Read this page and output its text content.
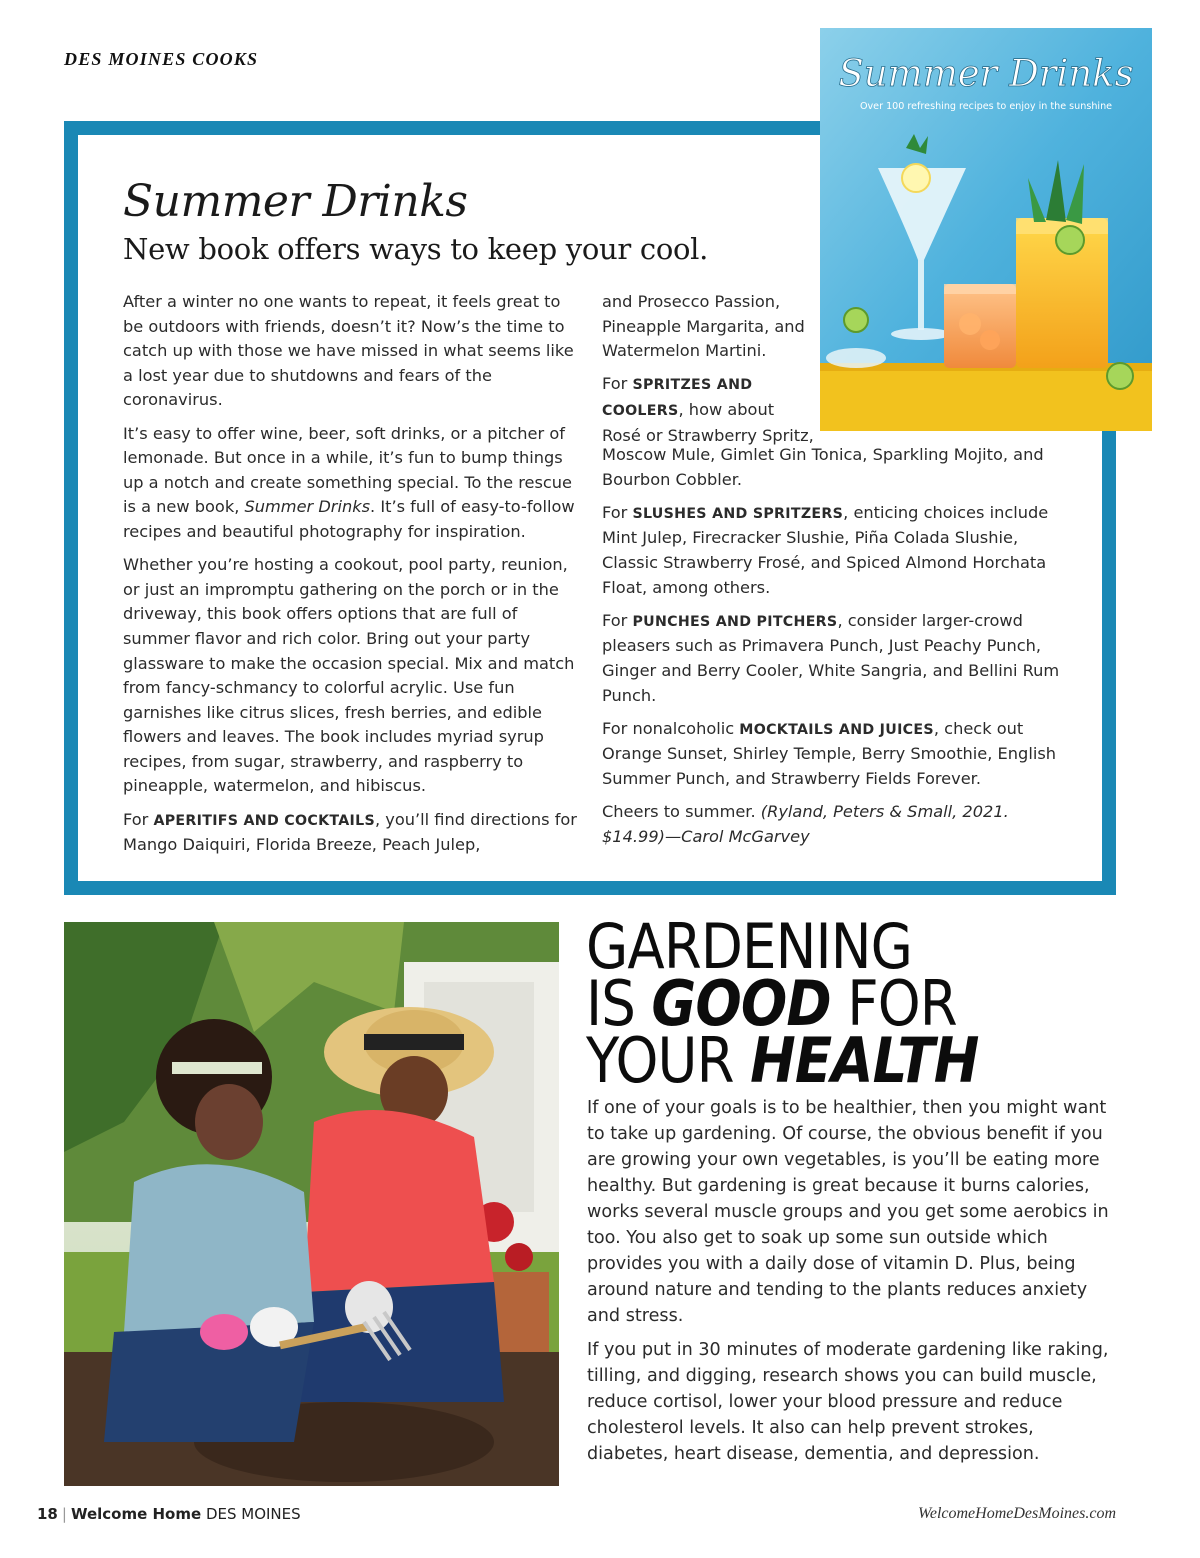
DES MOINES COOKS
Summer Drinks
New book offers ways to keep your cool.

After a winter no one wants to repeat, it feels great to be outdoors with friends, doesn’t it? Now’s the time to catch up with those we have missed in what seems like a lost year due to shutdowns and fears of the coronavirus.

It’s easy to offer wine, beer, soft drinks, or a pitcher of lemonade. But once in a while, it’s fun to bump things up a notch and create something special. To the rescue is a new book, Summer Drinks. It’s full of easy-to-follow recipes and beautiful photography for inspiration.

Whether you’re hosting a cookout, pool party, reunion, or just an impromptu gathering on the porch or in the driveway, this book offers options that are full of summer flavor and rich color. Bring out your party glassware to make the occasion special. Mix and match from fancy-schmancy to colorful acrylic. Use fun garnishes like citrus slices, fresh berries, and edible flowers and leaves. The book includes myriad syrup recipes, from sugar, strawberry, and raspberry to pineapple, watermelon, and hibiscus.

For APERITIFS AND COCKTAILS, you’ll find directions for Mango Daiquiri, Florida Breeze, Peach Julep,

and Prosecco Passion, Pineapple Margarita, and Watermelon Martini.

For SPRITZES AND COOLERS, how about Rosé or Strawberry Spritz,

Moscow Mule, Gimlet Gin Tonica, Sparkling Mojito, and Bourbon Cobbler.

For SLUSHES AND SPRITZERS, enticing choices include Mint Julep, Firecracker Slushie, Piña Colada Slushie, Classic Strawberry Frosé, and Spiced Almond Horchata Float, among others.

For PUNCHES AND PITCHERS, consider larger-crowd pleasers such as Primavera Punch, Just Peachy Punch, Ginger and Berry Cooler, White Sangria, and Bellini Rum Punch.

For nonalcoholic MOCKTAILS AND JUICES, check out Orange Sunset, Shirley Temple, Berry Smoothie, English Summer Punch, and Strawberry Fields Forever.

Cheers to summer. (Ryland, Peters & Small, 2021. $14.99)—Carol McGarvey

Summer Drinks
Over 100 refreshing recipes to enjoy in the sunshine
GARDENING
IS GOOD FOR
YOUR HEALTH

If one of your goals is to be healthier, then you might want to take up gardening. Of course, the obvious benefit if you are growing your own vegetables, is you’ll be eating more healthy. But gardening is great because it burns calories, works several muscle groups and you get some aerobics in too. You also get to soak up some sun outside which provides you with a daily dose of vitamin D. Plus, being around nature and tending to the plants reduces anxiety and stress.

If you put in 30 minutes of moderate gardening like raking, tilling, and digging, research shows you can build muscle, reduce cortisol, lower your blood pressure and reduce cholesterol levels. It also can help prevent strokes, diabetes, heart disease, dementia, and depression.

18 | Welcome Home DES MOINES	WelcomeHomeDesMoines.com
